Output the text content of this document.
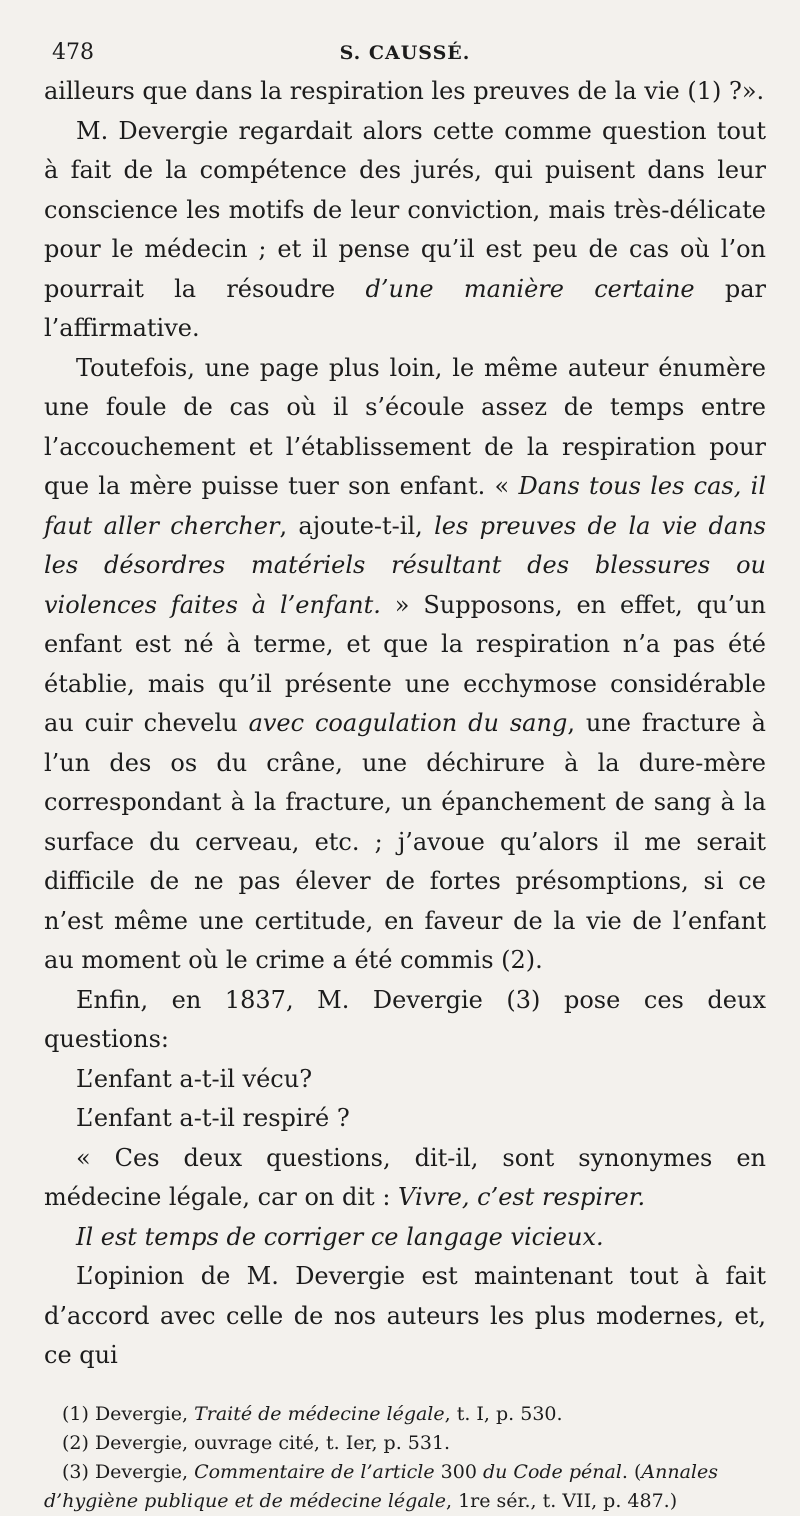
478	S. CAUSSÉ.

ailleurs que dans la respiration les preuves de la vie (1) ?».

M. Devergie regardait alors cette comme question tout à fait de la compétence des jurés, qui puisent dans leur conscience les motifs de leur conviction, mais très-délicate pour le médecin ; et il pense qu’il est peu de cas où l’on pourrait la résoudre d’une manière certaine par l’affirmative.

Toutefois, une page plus loin, le même auteur énumère une foule de cas où il s’écoule assez de temps entre l’accouchement et l’établissement de la respiration pour que la mère puisse tuer son enfant. « Dans tous les cas, il faut aller chercher, ajoute-t-il, les preuves de la vie dans les désordres matériels résultant des blessures ou violences faites à l’enfant. » Supposons, en effet, qu’un enfant est né à terme, et que la respiration n’a pas été établie, mais qu’il présente une ecchymose considérable au cuir chevelu avec coagulation du sang, une fracture à l’un des os du crâne, une déchirure à la dure-mère correspondant à la fracture, un épanchement de sang à la surface du cerveau, etc. ; j’avoue qu’alors il me serait difficile de ne pas élever de fortes présomptions, si ce n’est même une certitude, en faveur de la vie de l’enfant au moment où le crime a été commis (2).

Enfin, en 1837, M. Devergie (3) pose ces deux questions:

L’enfant a-t-il vécu?

L’enfant a-t-il respiré ?

« Ces deux questions, dit-il, sont synonymes en médecine légale, car on dit : Vivre, c’est respirer.

Il est temps de corriger ce langage vicieux.

L’opinion de M. Devergie est maintenant tout à fait d’accord avec celle de nos auteurs les plus modernes, et, ce qui

(1) Devergie, Traité de médecine légale, t. I, p. 530.

(2) Devergie, ouvrage cité, t. Ier, p. 531.

(3) Devergie, Commentaire de l’article 300 du Code pénal. (Annales d’hygiène publique et de médecine légale, 1re sér., t. VII, p. 487.)
